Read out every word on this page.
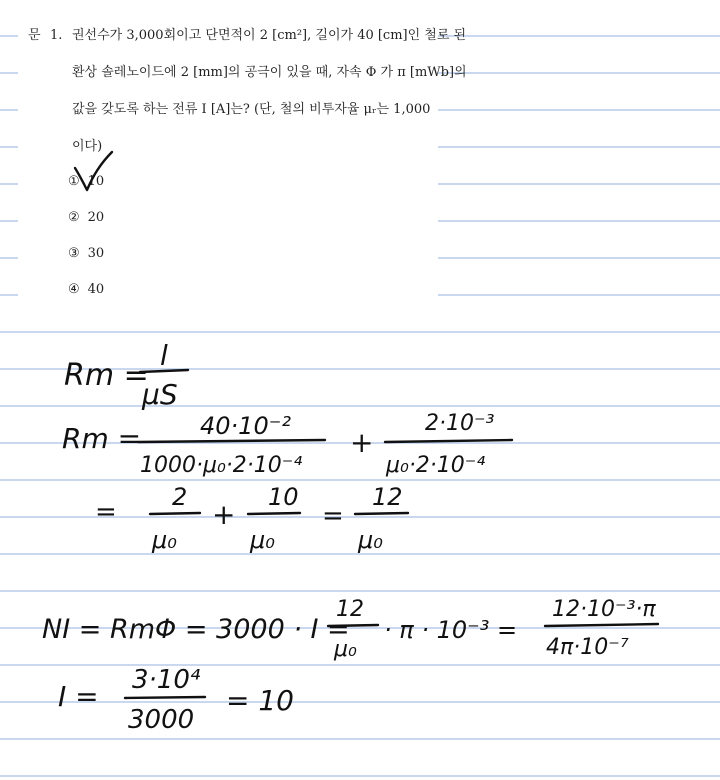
문 1. 권선수가 3,000회이고 단면적이 2 [cm²], 길이가 40 [cm]인 철로 된
환상 솔레노이드에 2 [mm]의 공극이 있을 때, 자속 Φ 가 π [mWb]의
값을 갖도록 하는 전류 I [A]는? (단, 철의 비투자율 μᵣ는 1,000
이다)
① 10
② 20
③ 30
④ 40
Rm =
l
μS
Rm = 40·10⁻²
1000·μ₀·2·10⁻⁴
+
2·10⁻³
μ₀·2·10⁻⁴
= 2
μ₀
+
10
μ₀
=
12
μ₀
NI = RmΦ = 3000 · I =
12
μ₀
· π · 10⁻³ =
12·10⁻³·π
4π·10⁻⁷
I = 3·10⁴
3000
= 10
